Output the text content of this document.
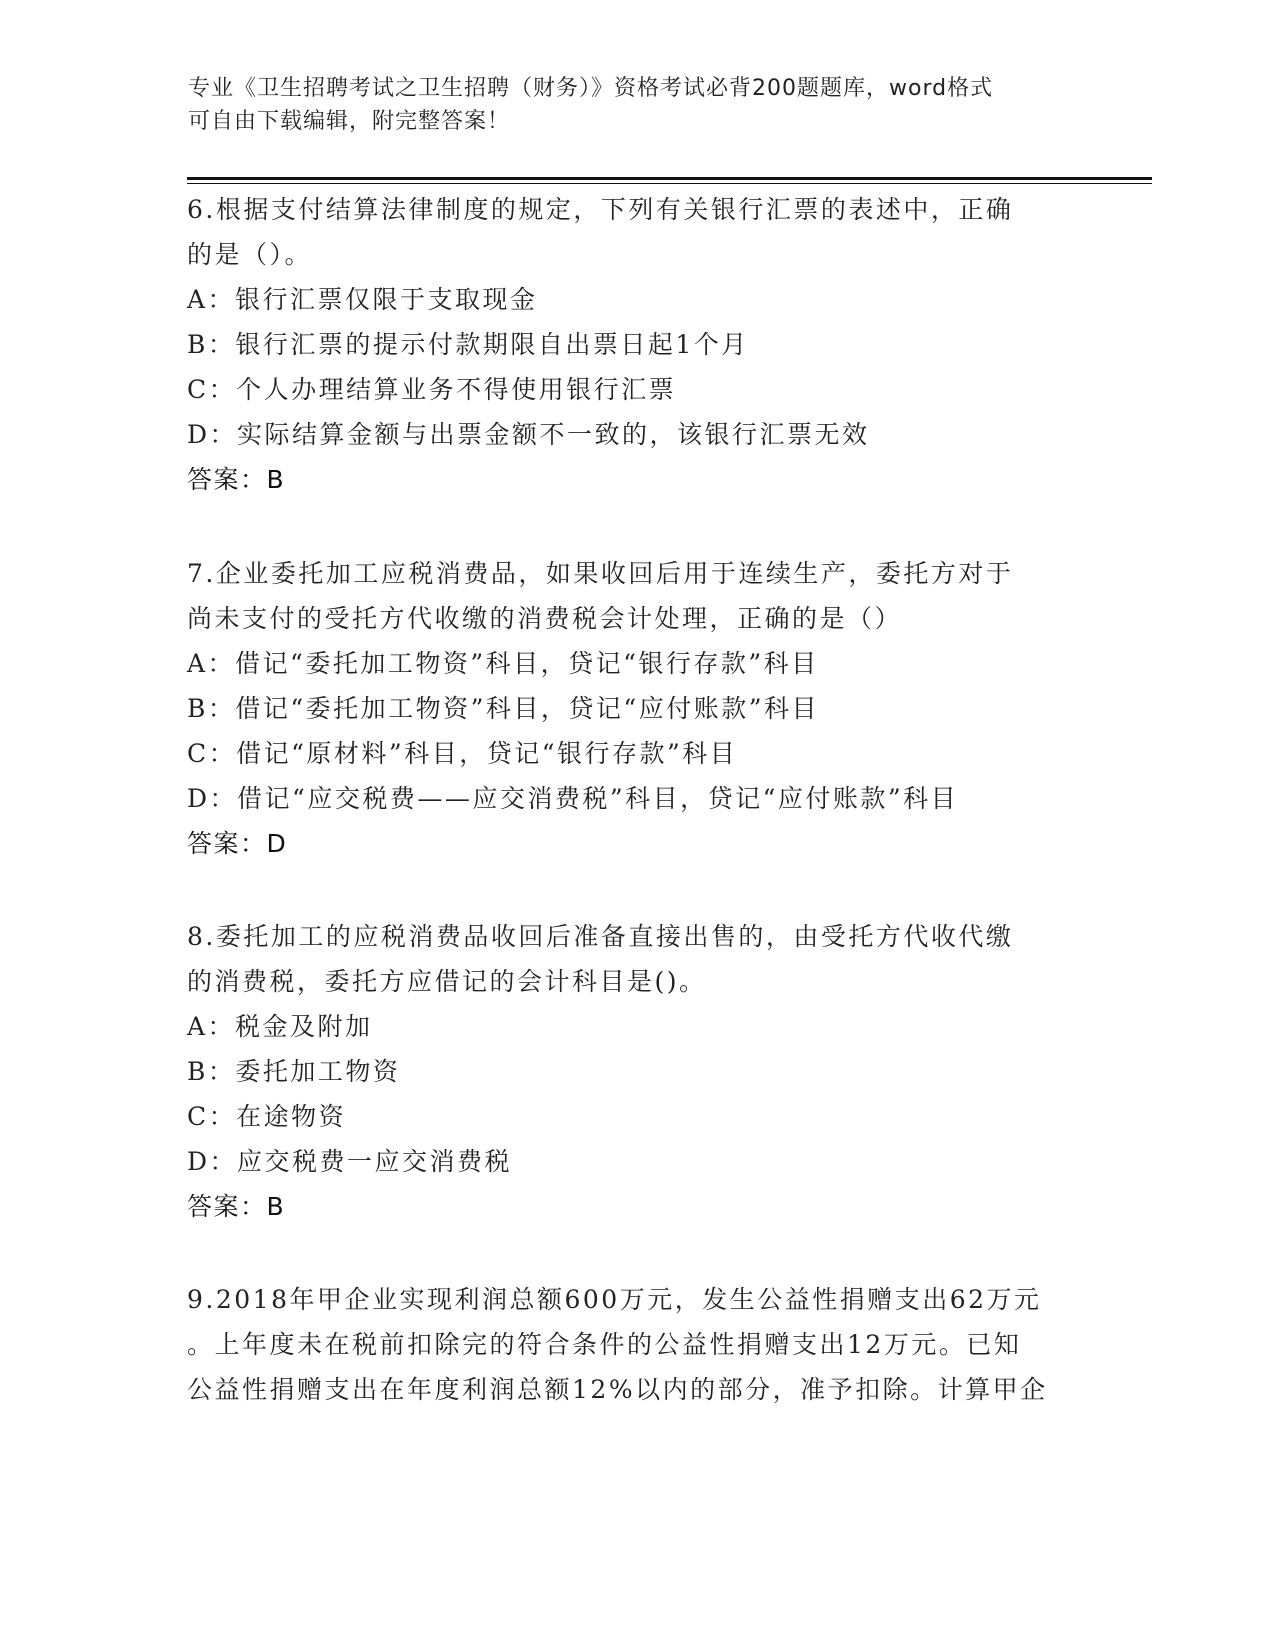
专业《卫生招聘考试之卫生招聘（财务）》资格考试必背200题题库，word格式
可自由下载编辑，附完整答案！
6.根据支付结算法律制度的规定，下列有关银行汇票的表述中，正确
的是（）。
A：银行汇票仅限于支取现金
B：银行汇票的提示付款期限自出票日起1个月
C：个人办理结算业务不得使用银行汇票
D：实际结算金额与出票金额不一致的，该银行汇票无效
答案：B
7.企业委托加工应税消费品，如果收回后用于连续生产，委托方对于
尚未支付的受托方代收缴的消费税会计处理，正确的是（）
A：借记“委托加工物资”科目，贷记“银行存款”科目
B：借记“委托加工物资”科目，贷记“应付账款”科目
C：借记“原材料”科目，贷记“银行存款”科目
D：借记“应交税费——应交消费税”科目，贷记“应付账款”科目
答案：D
8.委托加工的应税消费品收回后准备直接出售的，由受托方代收代缴
的消费税，委托方应借记的会计科目是()。
A：税金及附加
B：委托加工物资
C：在途物资
D：应交税费一应交消费税
答案：B
9.2018年甲企业实现利润总额600万元，发生公益性捐赠支出62万元
。上年度未在税前扣除完的符合条件的公益性捐赠支出12万元。已知
公益性捐赠支出在年度利润总额12%以内的部分，准予扣除。计算甲企
